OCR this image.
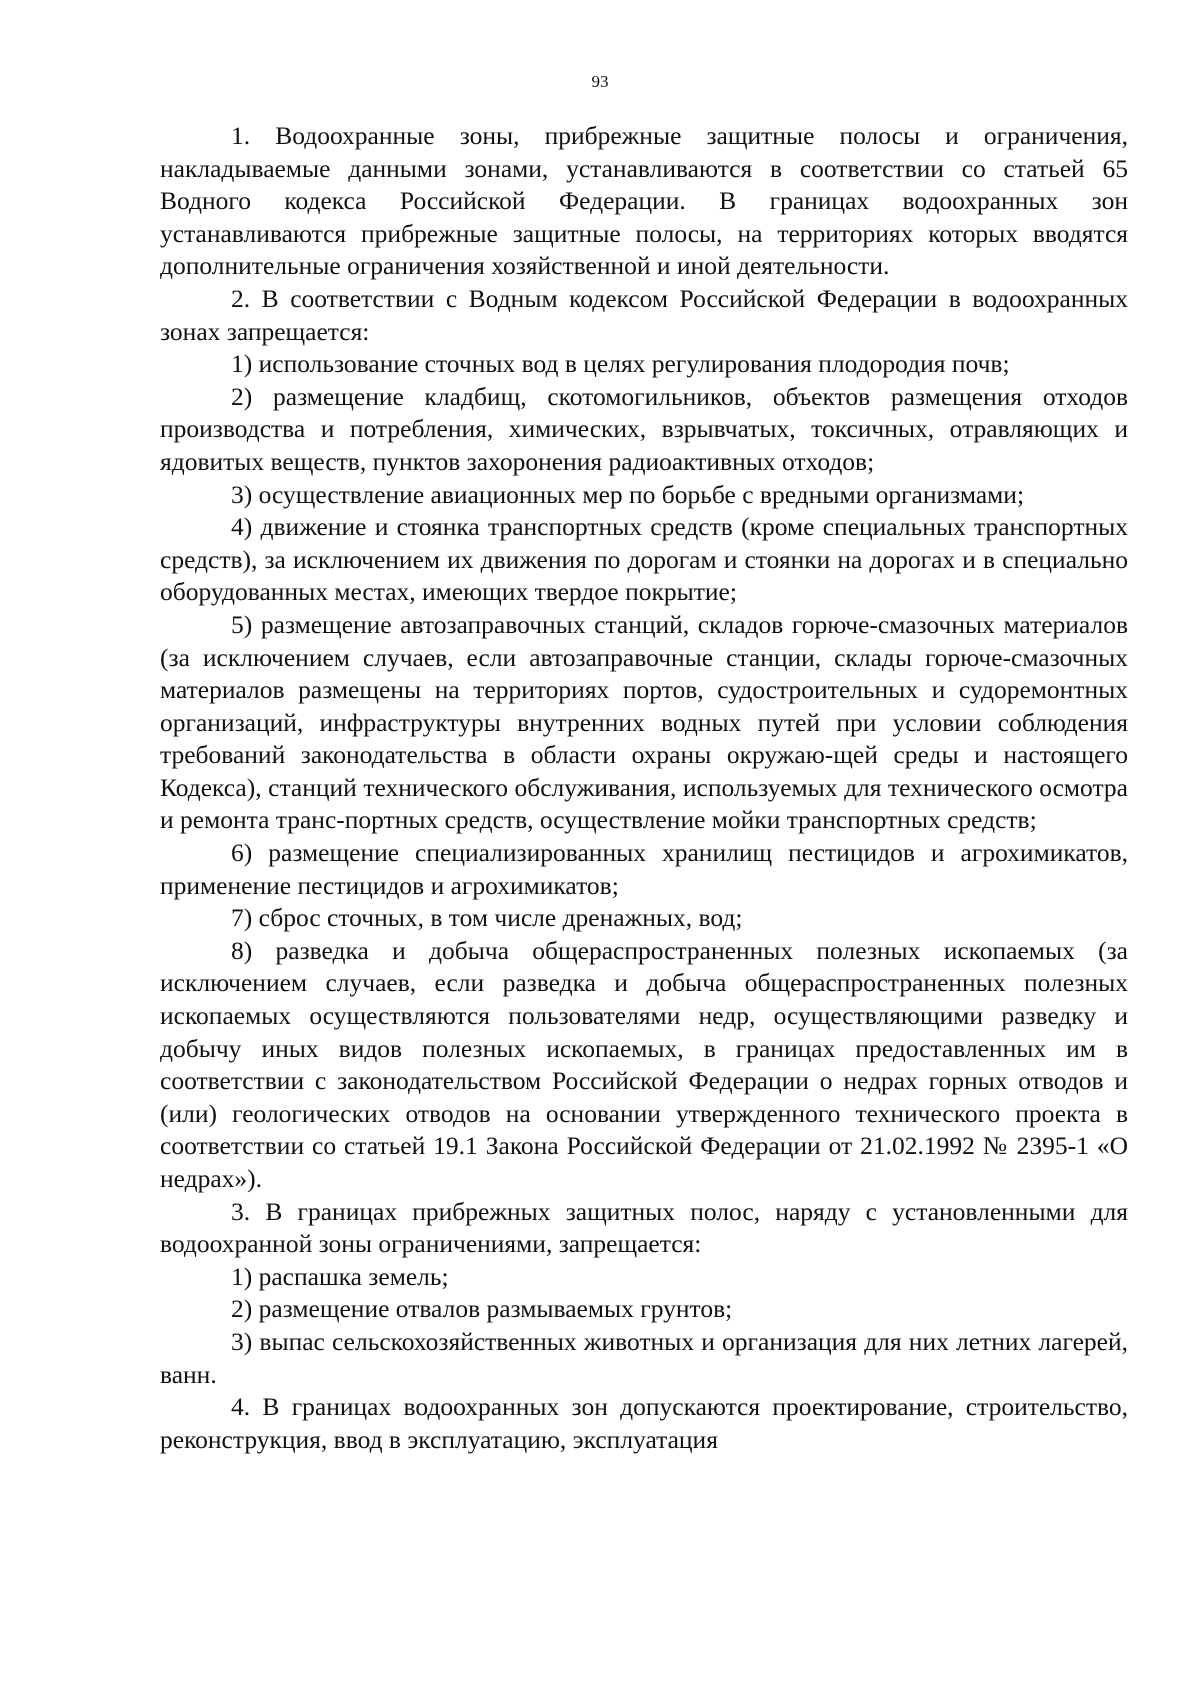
93

1. Водоохранные зоны, прибрежные защитные полосы и ограничения, накладываемые данными зонами, устанавливаются в соответствии со статьей 65 Водного кодекса Российской Федерации. В границах водоохранных зон устанавливаются прибрежные защитные полосы, на территориях которых вводятся дополнительные ограничения хозяйственной и иной деятельности.

2. В соответствии с Водным кодексом Российской Федерации в водоохранных зонах запрещается:

1) использование сточных вод в целях регулирования плодородия почв;

2) размещение кладбищ, скотомогильников, объектов размещения отходов производства и потребления, химических, взрывчатых, токсичных, отравляющих и ядовитых веществ, пунктов захоронения радиоактивных отходов;

3) осуществление авиационных мер по борьбе с вредными организмами;

4) движение и стоянка транспортных средств (кроме специальных транспортных средств), за исключением их движения по дорогам и стоянки на дорогах и в специально оборудованных местах, имеющих твердое покрытие;

5) размещение автозаправочных станций, складов горюче-смазочных материалов (за исключением случаев, если автозаправочные станции, склады горюче-смазочных материалов размещены на территориях портов, судостроительных и судоремонтных организаций, инфраструктуры внутренних водных путей при условии соблюдения требований законодательства в области охраны окружаю-щей среды и настоящего Кодекса), станций технического обслуживания, используемых для технического осмотра и ремонта транс-портных средств, осуществление мойки транспортных средств;

6) размещение специализированных хранилищ пестицидов и агрохимикатов, применение пестицидов и агрохимикатов;

7) сброс сточных, в том числе дренажных, вод;

8) разведка и добыча общераспространенных полезных ископаемых (за исключением случаев, если разведка и добыча общераспространенных полезных ископаемых осуществляются пользователями недр, осуществляющими разведку и добычу иных видов полезных ископаемых, в границах предоставленных им в соответствии с законодательством Российской Федерации о недрах горных отводов и (или) геологических отводов на основании утвержденного технического проекта в соответствии со статьей 19.1 Закона Российской Федерации от 21.02.1992 № 2395-1 «О недрах»).

3. В границах прибрежных защитных полос, наряду с установленными для водоохранной зоны ограничениями, запрещается:

1) распашка земель;

2) размещение отвалов размываемых грунтов;

3) выпас сельскохозяйственных животных и организация для них летних лагерей, ванн.

4. В границах водоохранных зон допускаются проектирование, строительство, реконструкция, ввод в эксплуатацию, эксплуатация
